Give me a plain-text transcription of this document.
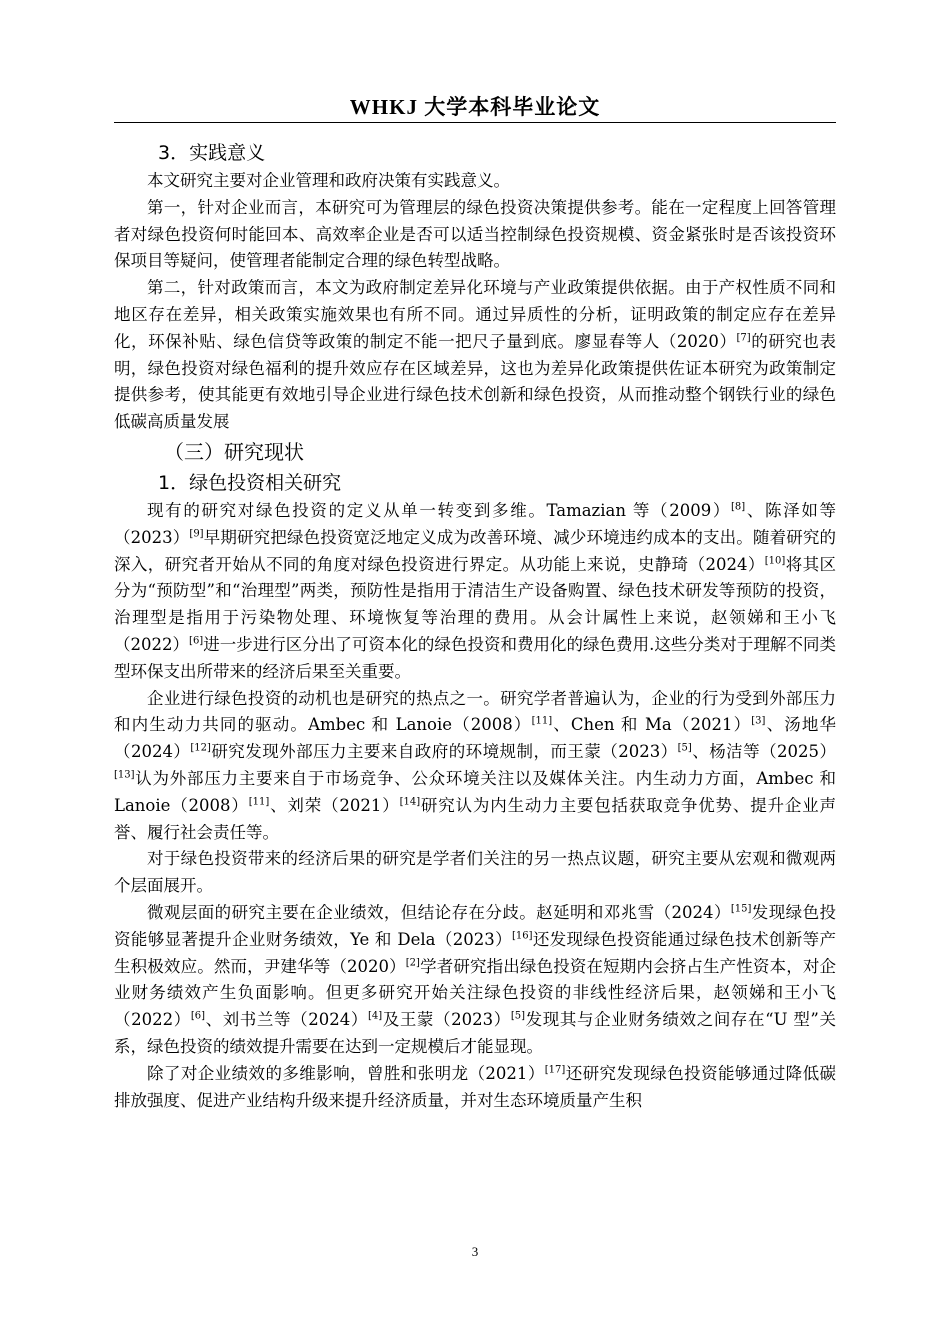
WHKJ 大学本科毕业论文
3．实践意义

本文研究主要对企业管理和政府决策有实践意义。

第一，针对企业而言，本研究可为管理层的绿色投资决策提供参考。能在一定程度上回答管理者对绿色投资何时能回本、高效率企业是否可以适当控制绿色投资规模、资金紧张时是否该投资环保项目等疑问，使管理者能制定合理的绿色转型战略。

第二，针对政策而言，本文为政府制定差异化环境与产业政策提供依据。由于产权性质不同和地区存在差异，相关政策实施效果也有所不同。通过异质性的分析，证明政策的制定应存在差异化，环保补贴、绿色信贷等政策的制定不能一把尺子量到底。廖显春等人（2020）[7]的研究也表明，绿色投资对绿色福利的提升效应存在区域差异，这也为差异化政策提供佐证本研究为政策制定提供参考，使其能更有效地引导企业进行绿色技术创新和绿色投资，从而推动整个钢铁行业的绿色低碳高质量发展

（三）研究现状
1．绿色投资相关研究

现有的研究对绿色投资的定义从单一转变到多维。Tamazian 等（2009）[8]、陈泽如等（2023）[9]早期研究把绿色投资宽泛地定义成为改善环境、减少环境违约成本的支出。随着研究的深入，研究者开始从不同的角度对绿色投资进行界定。从功能上来说，史静琦（2024）[10]将其区分为“预防型”和“治理型”两类，预防性是指用于清洁生产设备购置、绿色技术研发等预防的投资，治理型是指用于污染物处理、环境恢复等治理的费用。从会计属性上来说，赵领娣和王小飞（2022）[6]进一步进行区分出了可资本化的绿色投资和费用化的绿色费用.这些分类对于理解不同类型环保支出所带来的经济后果至关重要。

企业进行绿色投资的动机也是研究的热点之一。研究学者普遍认为，企业的行为受到外部压力和内生动力共同的驱动。Ambec 和 Lanoie（2008）[11]、Chen 和 Ma（2021）[3]、汤地华（2024）[12]研究发现外部压力主要来自政府的环境规制，而王蒙（2023）[5]、杨洁等（2025）[13]认为外部压力主要来自于市场竞争、公众环境关注以及媒体关注。内生动力方面，Ambec 和 Lanoie（2008）[11]、刘荣（2021）[14]研究认为内生动力主要包括获取竞争优势、提升企业声誉、履行社会责任等。

对于绿色投资带来的经济后果的研究是学者们关注的另一热点议题，研究主要从宏观和微观两个层面展开。

微观层面的研究主要在企业绩效，但结论存在分歧。赵延明和邓兆雪（2024）[15]发现绿色投资能够显著提升企业财务绩效，Ye 和 Dela（2023）[16]还发现绿色投资能通过绿色技术创新等产生积极效应。然而，尹建华等（2020）[2]学者研究指出绿色投资在短期内会挤占生产性资本，对企业财务绩效产生负面影响。但更多研究开始关注绿色投资的非线性经济后果，赵领娣和王小飞（2022）[6]、刘书兰等（2024）[4]及王蒙（2023）[5]发现其与企业财务绩效之间存在“U 型”关系，绿色投资的绩效提升需要在达到一定规模后才能显现。

除了对企业绩效的多维影响，曾胜和张明龙（2021）[17]还研究发现绿色投资能够通过降低碳排放强度、促进产业结构升级来提升经济质量，并对生态环境质量产生积

3
